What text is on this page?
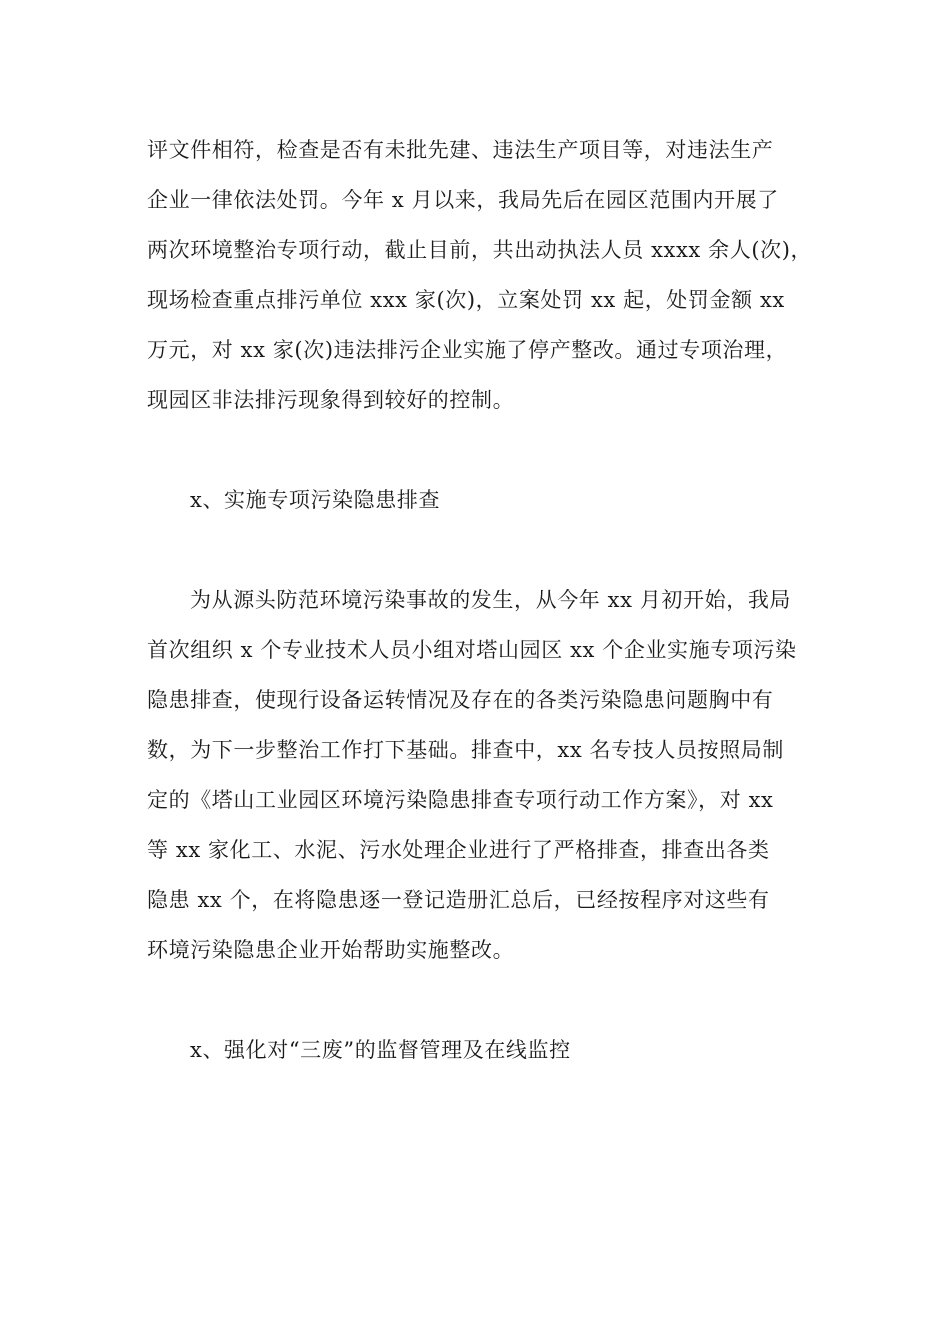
评文件相符，检查是否有未批先建、违法生产项目等，对违法生产
企业一律依法处罚。今年 x 月以来，我局先后在园区范围内开展了
两次环境整治专项行动，截止目前，共出动执法人员 xxxx 余人(次)，
现场检查重点排污单位 xxx 家(次)，立案处罚 xx 起，处罚金额 xx
万元，对 xx 家(次)违法排污企业实施了停产整改。通过专项治理，
现园区非法排污现象得到较好的控制。
x、实施专项污染隐患排查
为从源头防范环境污染事故的发生，从今年 xx 月初开始，我局
首次组织 x 个专业技术人员小组对塔山园区 xx 个企业实施专项污染
隐患排查，使现行设备运转情况及存在的各类污染隐患问题胸中有
数，为下一步整治工作打下基础。排查中，xx 名专技人员按照局制
定的《塔山工业园区环境污染隐患排查专项行动工作方案》，对 xx
等 xx 家化工、水泥、污水处理企业进行了严格排查，排查出各类
隐患 xx 个，在将隐患逐一登记造册汇总后，已经按程序对这些有
环境污染隐患企业开始帮助实施整改。
x、强化对“三废”的监督管理及在线监控
